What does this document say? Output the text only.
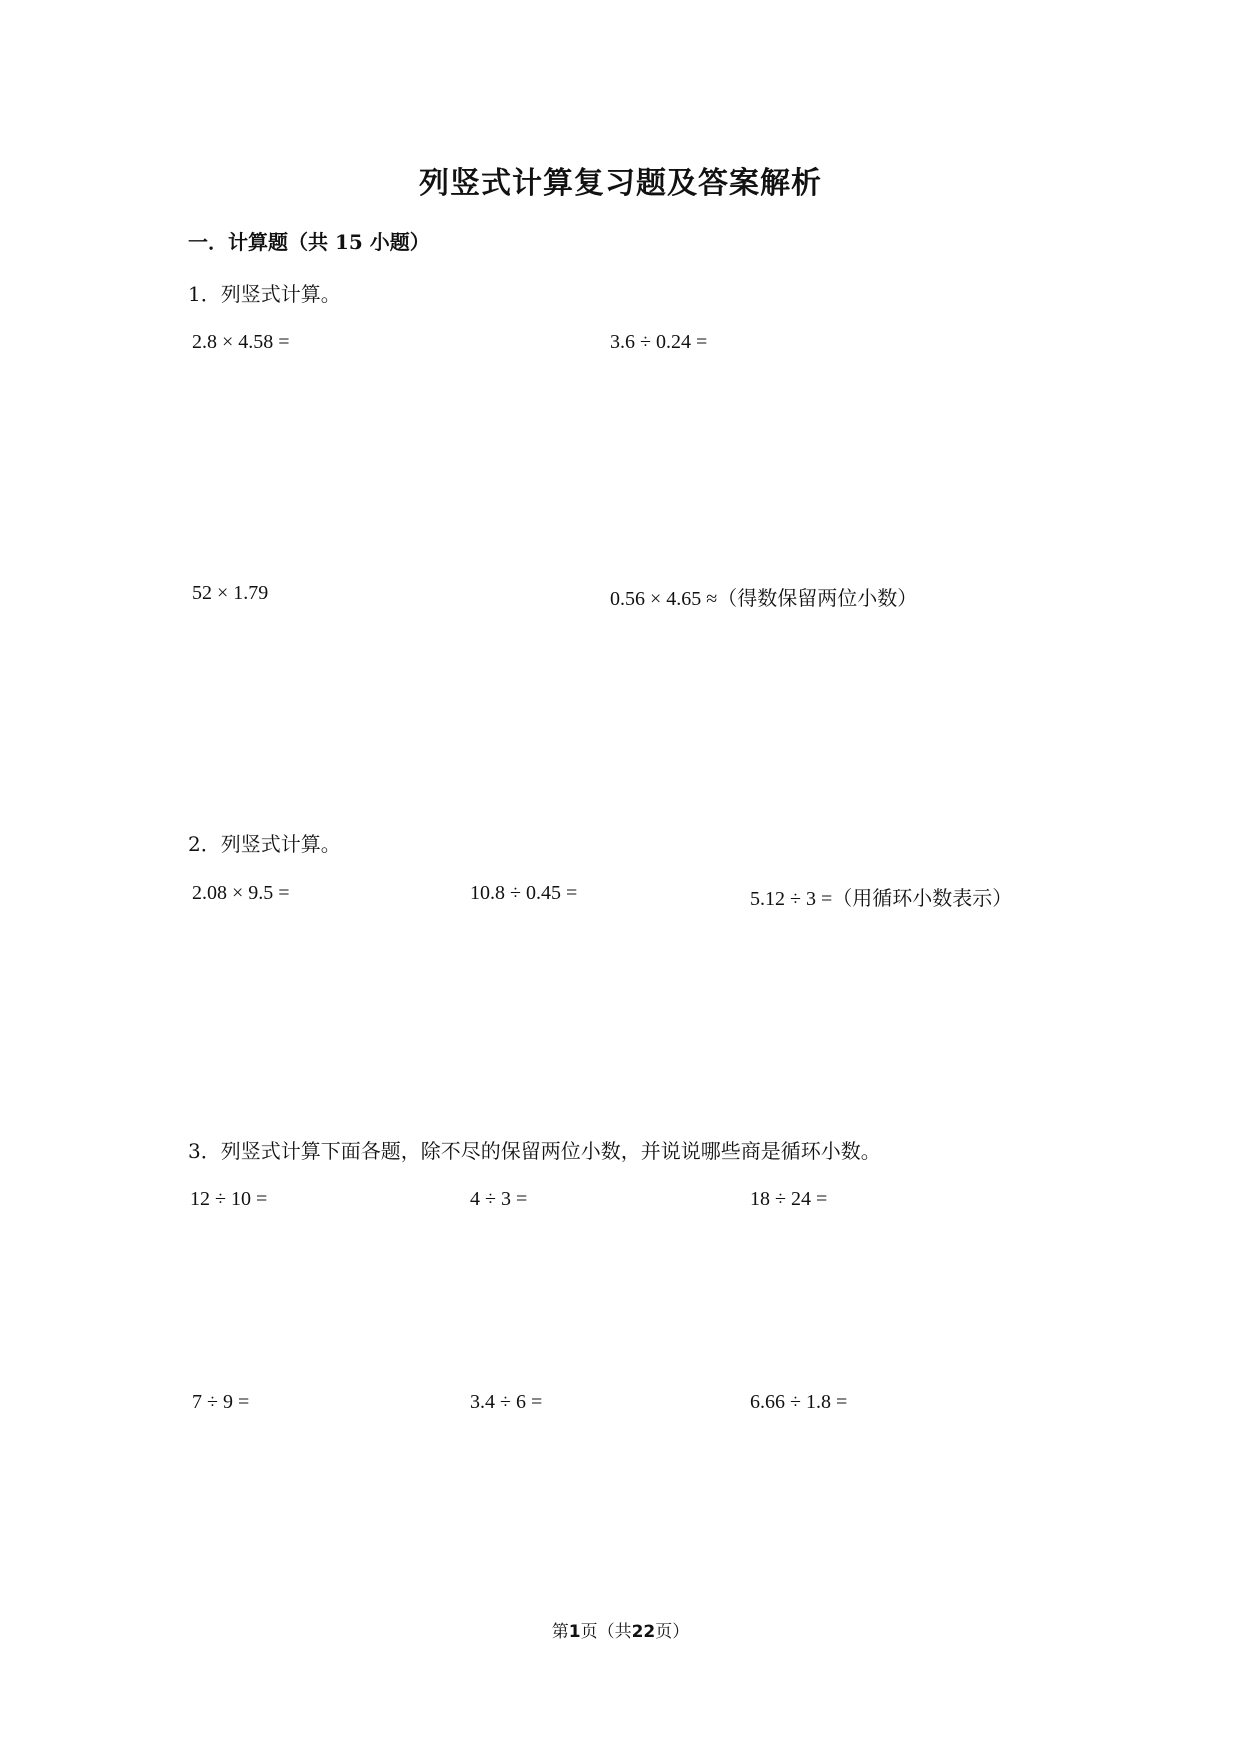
列竖式计算复习题及答案解析
一．计算题（共 15 小题）
1．列竖式计算。
2.8 × 4.58 =	3.6 ÷ 0.24 =
52 × 1.79	0.56 × 4.65 ≈（得数保留两位小数）
2．列竖式计算。
2.08 × 9.5 =	10.8 ÷ 0.45 =	5.12 ÷ 3 =（用循环小数表示）
3．列竖式计算下面各题，除不尽的保留两位小数，并说说哪些商是循环小数。
12 ÷ 10 =	4 ÷ 3 =	18 ÷ 24 =
7 ÷ 9 =	3.4 ÷ 6 =	6.66 ÷ 1.8 =
第1页（共22页）
